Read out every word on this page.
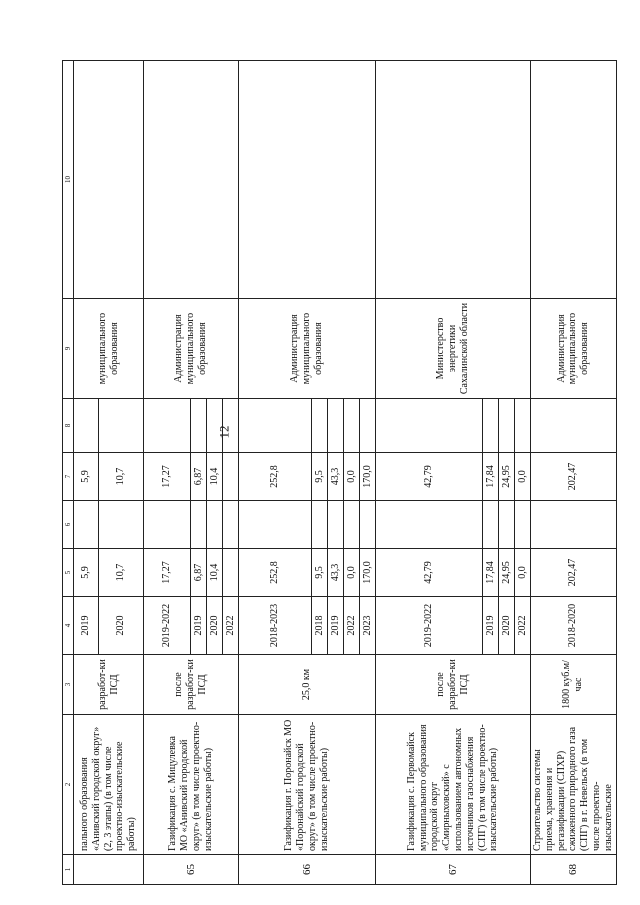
12
1	2	3	4	5	6	7	8	9	10
	пального образования «Анивский городской округ» (2, 3 этапы) (в том числе проектно-изыскательские работы)	разработ-ки ПСД	2019	5,9		5,9		муниципального образования	
			2020	10,7		10,7			
65	Газификация с. Мицулевка МО «Анивский городской округ» (в том числе проектно-изыскательские работы)	после разработ-ки ПСД	2019-2022	17,27		17,27		Администрация муниципального образования	
			2019	6,87		6,87			
			2020	10,4		10,4			
			2022						
66	Газификация г. Поронайск МО «Поронайский городской округ» (в том числе проектно-изыскательские работы)	25,0 км	2018-2023	252,8		252,8		Администрация муниципального образования	
			2018	9,5		9,5			
			2019	43,3		43,3			
			2022	0,0		0,0			
			2023	170,0		170,0			
67	Газификация с. Первомайск муниципального образования городской округ «Смирныховский» с использованием автономных источников газоснабжения (СПГ) (в том числе проектно-изыскательские работы)	после разработ-ки ПСД	2019-2022	42,79		42,79		Министерство энергетики Сахалинской области	
			2019	17,84		17,84			
			2020	24,95		24,95			
			2022	0,0		0,0			
68	Строительство системы приема, хранения и регазификации (СПХР) сжиженного природного газа (СПГ) в г. Невельск (в том числе проектно-изыскательские	1800 куб.м/час	2018-2020	202,47		202,47		Администрация муниципального образования	
